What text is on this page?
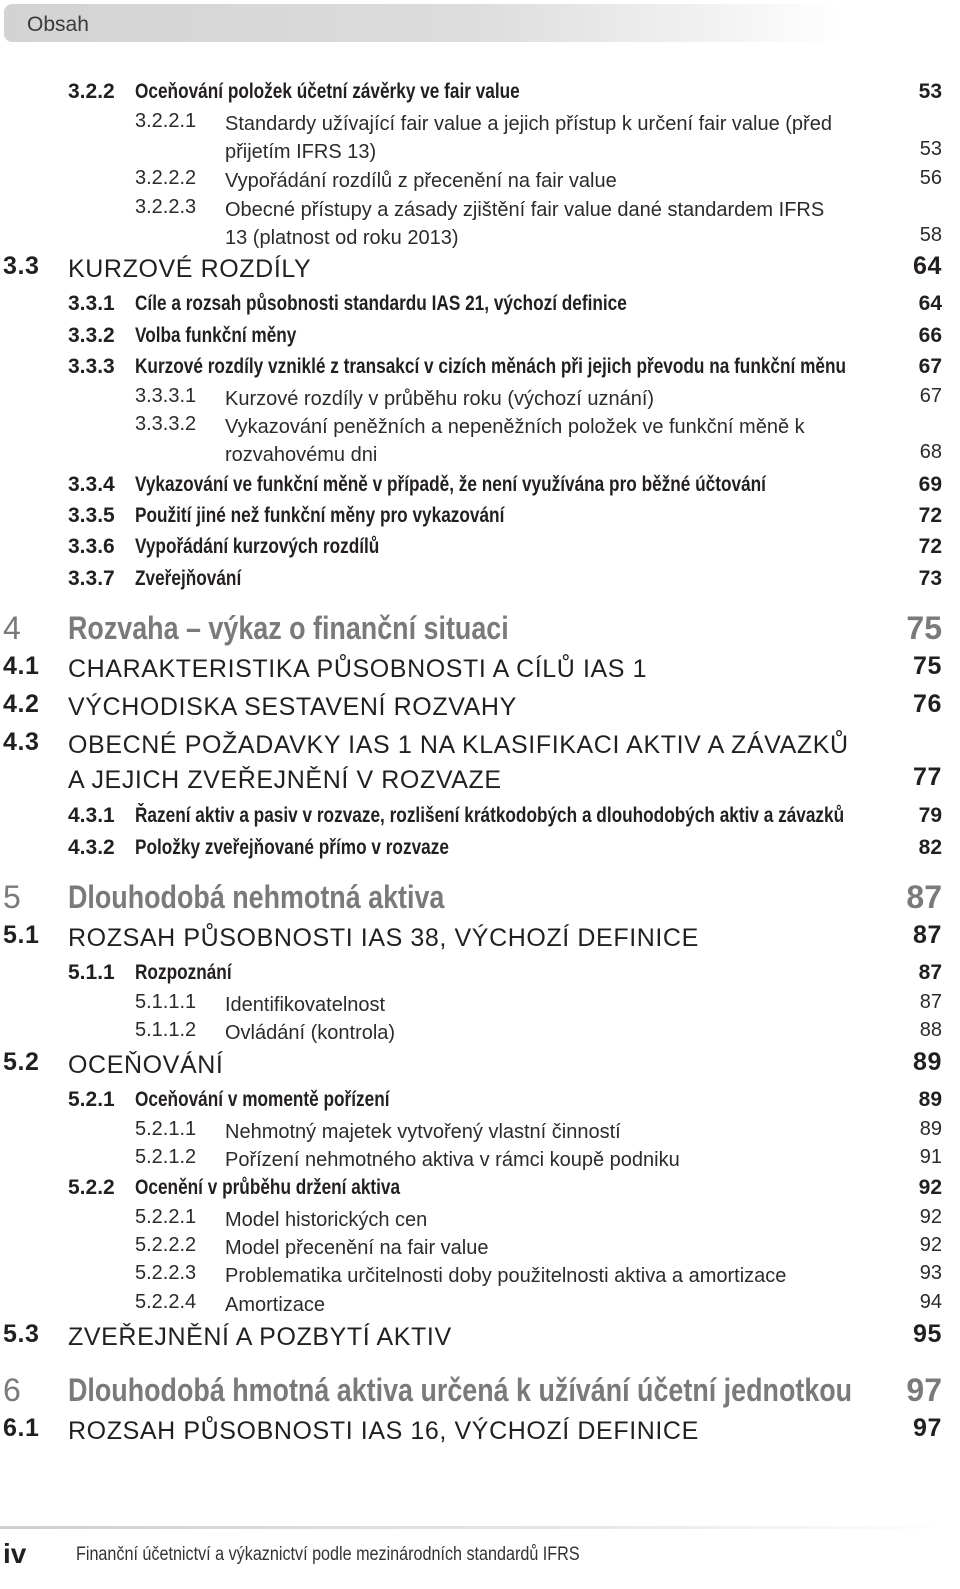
Obsah
3.2.2 Oceňování položek účetní závěrky ve fair value	53
3.2.2.1 Standardy užívající fair value a jejich přístup k určení fair value (před přijetím IFRS 13)	53
3.2.2.2 Vypořádání rozdílů z přecenění na fair value	56
3.2.2.3 Obecné přístupy a zásady zjištění fair value dané standardem IFRS 13 (platnost od roku 2013)	58
3.3 KURZOVÉ ROZDÍLY	64
3.3.1 Cíle a rozsah působnosti standardu IAS 21, výchozí definice	64
3.3.2 Volba funkční měny	66
3.3.3 Kurzové rozdíly vzniklé z transakcí v cizích měnách při jejich převodu na funkční měnu	67
3.3.3.1 Kurzové rozdíly v průběhu roku (výchozí uznání)	67
3.3.3.2 Vykazování peněžních a nepeněžních položek ve funkční měně k rozvahovému dni	68
3.3.4 Vykazování ve funkční měně v případě, že není využívána pro běžné účtování	69
3.3.5 Použití jiné než funkční měny pro vykazování	72
3.3.6 Vypořádání kurzových rozdílů	72
3.3.7 Zveřejňování	73
4 Rozvaha – výkaz o finanční situaci	75
4.1 CHARAKTERISTIKA PŮSOBNOSTI A CÍLŮ IAS 1	75
4.2 VÝCHODISKA SESTAVENÍ ROZVAHY	76
4.3 OBECNÉ POŽADAVKY IAS 1 NA KLASIFIKACI AKTIV A ZÁVAZKŮ A JEJICH ZVEŘEJNĚNÍ V ROZVAZE	77
4.3.1 Řazení aktiv a pasiv v rozvaze, rozlišení krátkodobých a dlouhodobých aktiv a závazků	79
4.3.2 Položky zveřejňované přímo v rozvaze	82
5 Dlouhodobá nehmotná aktiva	87
5.1 ROZSAH PŮSOBNOSTI IAS 38, VÝCHOZÍ DEFINICE	87
5.1.1 Rozpoznání	87
5.1.1.1 Identifikovatelnost	87
5.1.1.2 Ovládání (kontrola)	88
5.2 OCEŇOVÁNÍ	89
5.2.1 Oceňování v momentě pořízení	89
5.2.1.1 Nehmotný majetek vytvořený vlastní činností	89
5.2.1.2 Pořízení nehmotného aktiva v rámci koupě podniku	91
5.2.2 Ocenění v průběhu držení aktiva	92
5.2.2.1 Model historických cen	92
5.2.2.2 Model přecenění na fair value	92
5.2.2.3 Problematika určitelnosti doby použitelnosti aktiva a amortizace	93
5.2.2.4 Amortizace	94
5.3 ZVEŘEJNĚNÍ A POZBYTÍ AKTIV	95
6 Dlouhodobá hmotná aktiva určená k užívání účetní jednotkou 97
6.1 ROZSAH PŮSOBNOSTI IAS 16, VÝCHOZÍ DEFINICE	97
iv	Finanční účetnictví a výkaznictví podle mezinárodních standardů IFRS
